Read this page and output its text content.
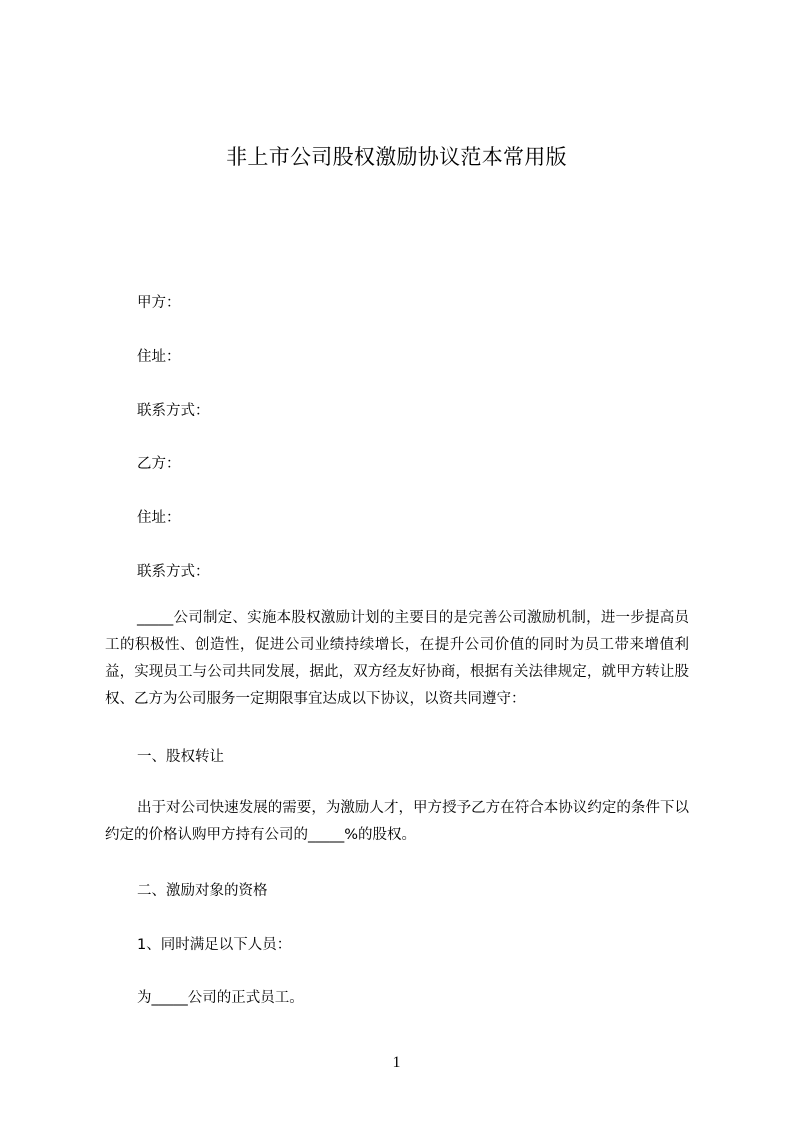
非上市公司股权激励协议范本常用版
甲方：
住址：
联系方式：
乙方：
住址：
联系方式：
_____公司制定、实施本股权激励计划的主要目的是完善公司激励机制，进一步提高员工的积极性、创造性，促进公司业绩持续增长，在提升公司价值的同时为员工带来增值利益，实现员工与公司共同发展，据此，双方经友好协商，根据有关法律规定，就甲方转让股权、乙方为公司服务一定期限事宜达成以下协议，以资共同遵守：
一、股权转让
出于对公司快速发展的需要，为激励人才，甲方授予乙方在符合本协议约定的条件下以约定的价格认购甲方持有公司的_____%的股权。
二、激励对象的资格
1、同时满足以下人员：
为_____公司的正式员工。
1
